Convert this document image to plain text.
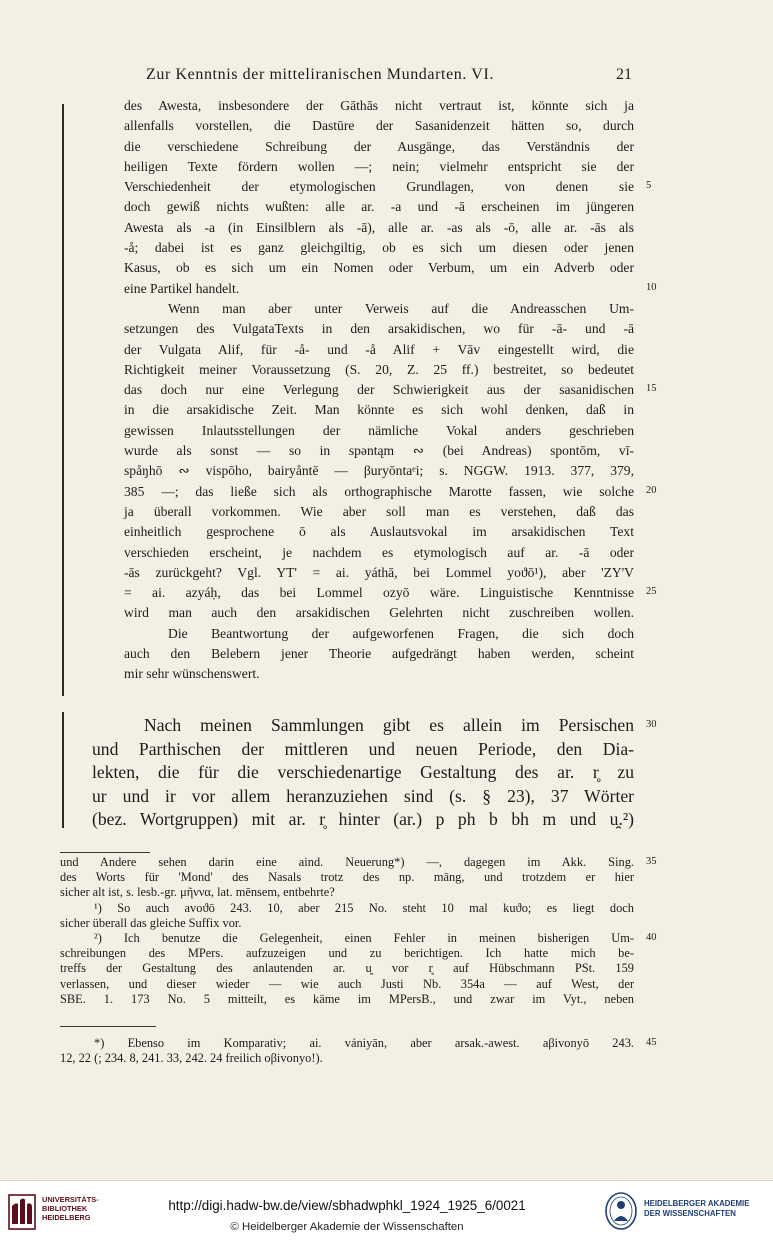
Zur Kenntnis der mitteliranischen Mundarten. VI.	21
des Awesta, insbesondere der Gāthās nicht vertraut ist, könnte sich ja
allenfalls vorstellen, die Dastūre der Sasanidenzeit hätten so, durch
die verschiedene Schreibung der Ausgänge, das Verständnis der
heiligen Texte fördern wollen —; nein; vielmehr entspricht sie der
Verschiedenheit der etymologischen Grundlagen, von denen sie
doch gewiß nichts wußten: alle ar. -a und -ā erscheinen im jüngeren
Awesta als -a (in Einsilblern als -ā), alle ar. -as als -ō, alle ar. -ās als
-å; dabei ist es ganz gleichgiltig, ob es sich um diesen oder jenen
Kasus, ob es sich um ein Nomen oder Verbum, um ein Adverb oder
eine Partikel handelt.
Wenn man aber unter Verweis auf die Andreasschen Um-
setzungen des VulgataTexts in den arsakidischen, wo für -ā- und -ā
der Vulgata Alif, für -å- und -å Alif + Vāv eingestellt wird, die
Richtigkeit meiner Voraussetzung (S. 20, Z. 25 ff.) bestreitet, so bedeutet
das doch nur eine Verlegung der Schwierigkeit aus der sasanidischen
in die arsakidische Zeit. Man könnte es sich wohl denken, daß in
gewissen Inlautsstellungen der nämliche Vokal anders geschrieben
wurde als sonst — so in spəntąm ∾ (bei Andreas) spontōm, vī-
spåŋhō ∾ vispōho, bairyåntē — βuryōntaᵉi; s. NGGW. 1913. 377, 379,
385 —; das ließe sich als orthographische Marotte fassen, wie solche
ja überall vorkommen. Wie aber soll man es verstehen, daß das
einheitlich gesprochene ō als Auslautsvokal im arsakidischen Text
verschieden erscheint, je nachdem es etymologisch auf ar. -ā oder
-ās zurückgeht? Vgl. YT' = ai. yáthā, bei Lommel yoϑō¹), aber 'ZY'V
= ai. azyáḥ, das bei Lommel ozyō wäre. Linguistische Kenntnisse
wird man auch den arsakidischen Gelehrten nicht zuschreiben wollen.
Die Beantwortung der aufgeworfenen Fragen, die sich doch
auch den Belebern jener Theorie aufgedrängt haben werden, scheint
mir sehr wünschenswert.
Nach meinen Sammlungen gibt es allein im Persischen
und Parthischen der mittleren und neuen Periode, den Dia-
lekten, die für die verschiedenartige Gestaltung des ar. r̥ zu
ur und ir vor allem heranzuziehen sind (s. § 23), 37 Wörter
(bez. Wortgruppen) mit ar. r̥ hinter (ar.) p ph b bh m und u̯.²)
und Andere sehen darin eine aind. Neuerung*) —, dagegen im Akk. Sing.
des Worts für 'Mond' des Nasals trotz des np. māng, und trotzdem er hier
sicher alt ist, s. lesb.-gr. μῆννα, lat. mēnsem, entbehrte?
¹) So auch avoϑō 243. 10, aber 215 No. steht 10 mal kuϑo; es liegt doch
sicher überall das gleiche Suffix vor.
²) Ich benutze die Gelegenheit, einen Fehler in meinen bisherigen Um-
schreibungen des MPers. aufzuzeigen und zu berichtigen. Ich hatte mich be-
treffs der Gestaltung des anlautenden ar. u̯ vor r̥ auf Hübschmann PSt. 159
verlassen, und dieser wieder — wie auch Justi Nb. 354a — auf West, der
SBE. 1. 173 No. 5 mitteilt, es käme im MPersB., und zwar im Vyt., neben
*) Ebenso im Komparativ; ai. vániyān, aber arsak.-awest. aβivonyō 243.
12, 22 (; 234. 8, 241. 33, 242. 24 freilich oβivonyo!).
5
10
15
20
25
30
35
40
45
UNIVERSITÄTS- BIBLIOTHEK HEIDELBERG
http://digi.hadw-bw.de/view/sbhadwphkl_1924_1925_6/0021
© Heidelberger Akademie der Wissenschaften
HEIDELBERGER AKADEMIE DER WISSENSCHAFTEN
